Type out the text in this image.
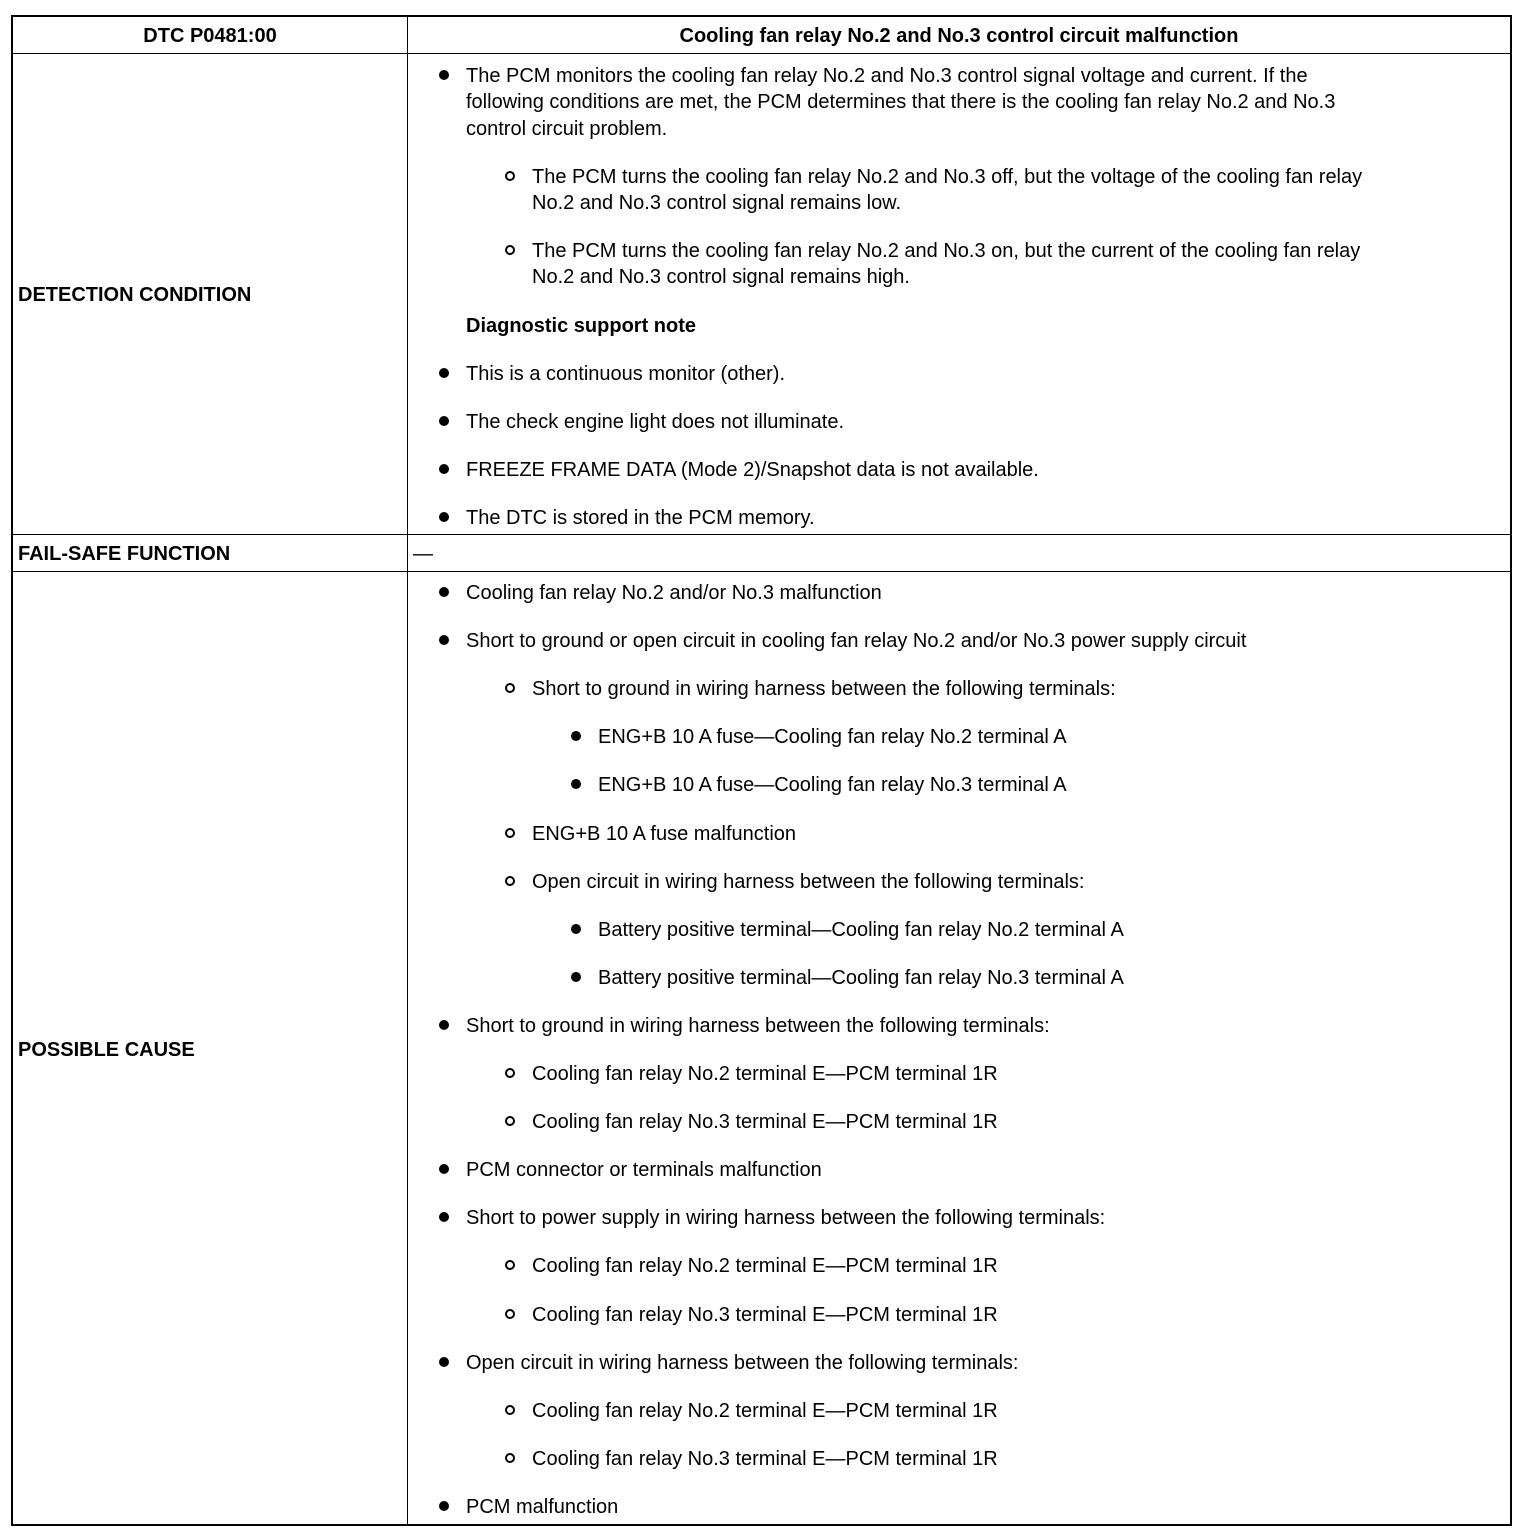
DTC P0481:00	Cooling fan relay No.2 and No.3 control circuit malfunction
DETECTION CONDITION
FAIL-SAFE FUNCTION	—
POSSIBLE CAUSE
The PCM monitors the cooling fan relay No.2 and No.3 control signal voltage and current. If the
following conditions are met, the PCM determines that there is the cooling fan relay No.2 and No.3
control circuit problem.
The PCM turns the cooling fan relay No.2 and No.3 off, but the voltage of the cooling fan relay
No.2 and No.3 control signal remains low.
The PCM turns the cooling fan relay No.2 and No.3 on, but the current of the cooling fan relay
No.2 and No.3 control signal remains high.
Diagnostic support note
This is a continuous monitor (other).
The check engine light does not illuminate.
FREEZE FRAME DATA (Mode 2)/Snapshot data is not available.
The DTC is stored in the PCM memory.
Cooling fan relay No.2 and/or No.3 malfunction
Short to ground or open circuit in cooling fan relay No.2 and/or No.3 power supply circuit
Short to ground in wiring harness between the following terminals:
ENG+B 10 A fuse—Cooling fan relay No.2 terminal A
ENG+B 10 A fuse—Cooling fan relay No.3 terminal A
ENG+B 10 A fuse malfunction
Open circuit in wiring harness between the following terminals:
Battery positive terminal—Cooling fan relay No.2 terminal A
Battery positive terminal—Cooling fan relay No.3 terminal A
Short to ground in wiring harness between the following terminals:
Cooling fan relay No.2 terminal E—PCM terminal 1R
Cooling fan relay No.3 terminal E—PCM terminal 1R
PCM connector or terminals malfunction
Short to power supply in wiring harness between the following terminals:
Cooling fan relay No.2 terminal E—PCM terminal 1R
Cooling fan relay No.3 terminal E—PCM terminal 1R
Open circuit in wiring harness between the following terminals:
Cooling fan relay No.2 terminal E—PCM terminal 1R
Cooling fan relay No.3 terminal E—PCM terminal 1R
PCM malfunction
